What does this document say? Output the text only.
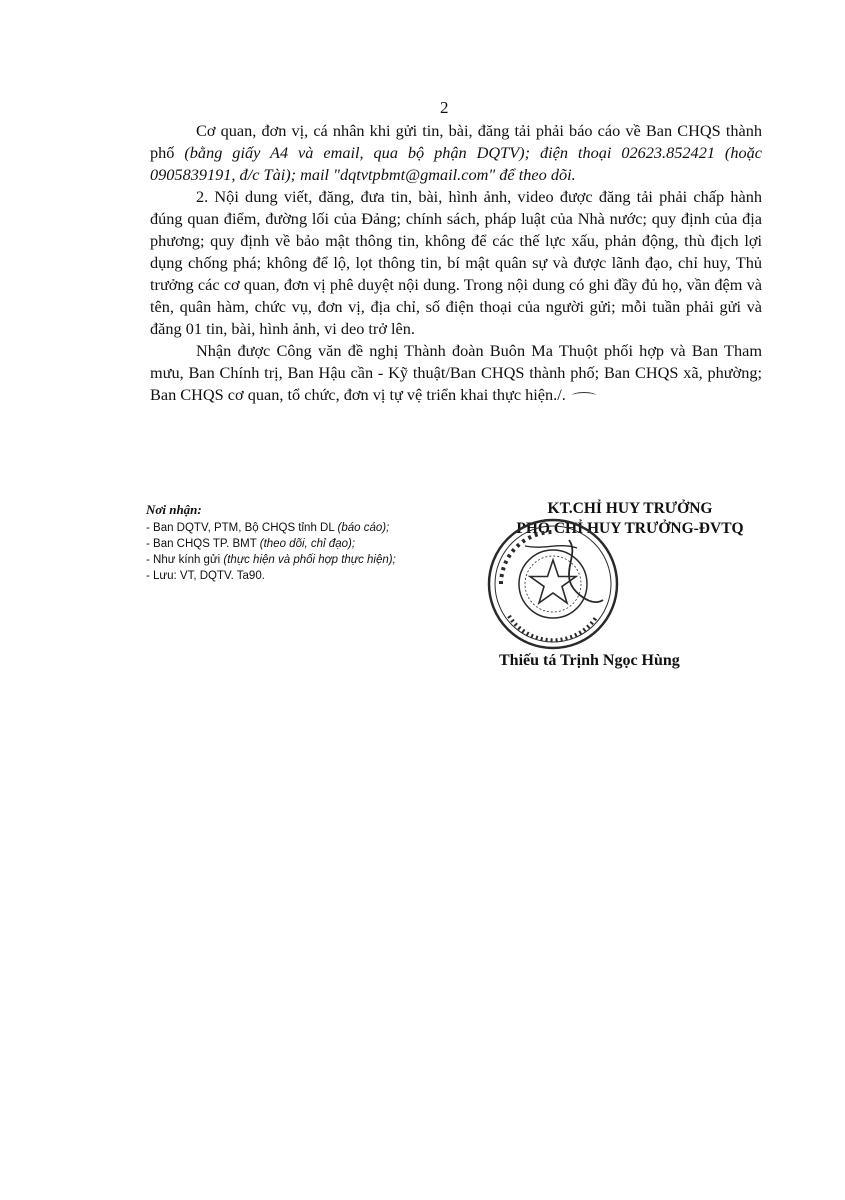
2

Cơ quan, đơn vị, cá nhân khi gửi tin, bài, đăng tải phải báo cáo về Ban CHQS thành phố (bằng giấy A4 và email, qua bộ phận DQTV); điện thoại 02623.852421 (hoặc 0905839191, đ/c Tài); mail "dqtvtpbmt@gmail.com" để theo dõi.

2. Nội dung viết, đăng, đưa tin, bài, hình ảnh, video được đăng tải phải chấp hành đúng quan điểm, đường lối của Đảng; chính sách, pháp luật của Nhà nước; quy định của địa phương; quy định về bảo mật thông tin, không để các thế lực xấu, phản động, thù địch lợi dụng chống phá; không để lộ, lọt thông tin, bí mật quân sự và được lãnh đạo, chỉ huy, Thủ trưởng các cơ quan, đơn vị phê duyệt nội dung. Trong nội dung có ghi đầy đủ họ, vần đệm và tên, quân hàm, chức vụ, đơn vị, địa chỉ, số điện thoại của người gửi; mỗi tuần phải gửi và đăng 01 tin, bài, hình ảnh, vi deo trở lên.

Nhận được Công văn đề nghị Thành đoàn Buôn Ma Thuột phối hợp và Ban Tham mưu, Ban Chính trị, Ban Hậu cần - Kỹ thuật/Ban CHQS thành phố; Ban CHQS xã, phường; Ban CHQS cơ quan, tổ chức, đơn vị tự vệ triển khai thực hiện./.

Nơi nhận:
- Ban DQTV, PTM, Bộ CHQS tỉnh DL (báo cáo);
- Ban CHQS TP. BMT (theo dõi, chỉ đạo);
- Như kính gửi (thực hiện và phối hợp thực hiện);
- Lưu: VT, DQTV. Ta90.
KT.CHỈ HUY TRƯỞNG
PHÓ CHỈ HUY TRƯỞNG-ĐVTQ
Thiếu tá Trịnh Ngọc Hùng
